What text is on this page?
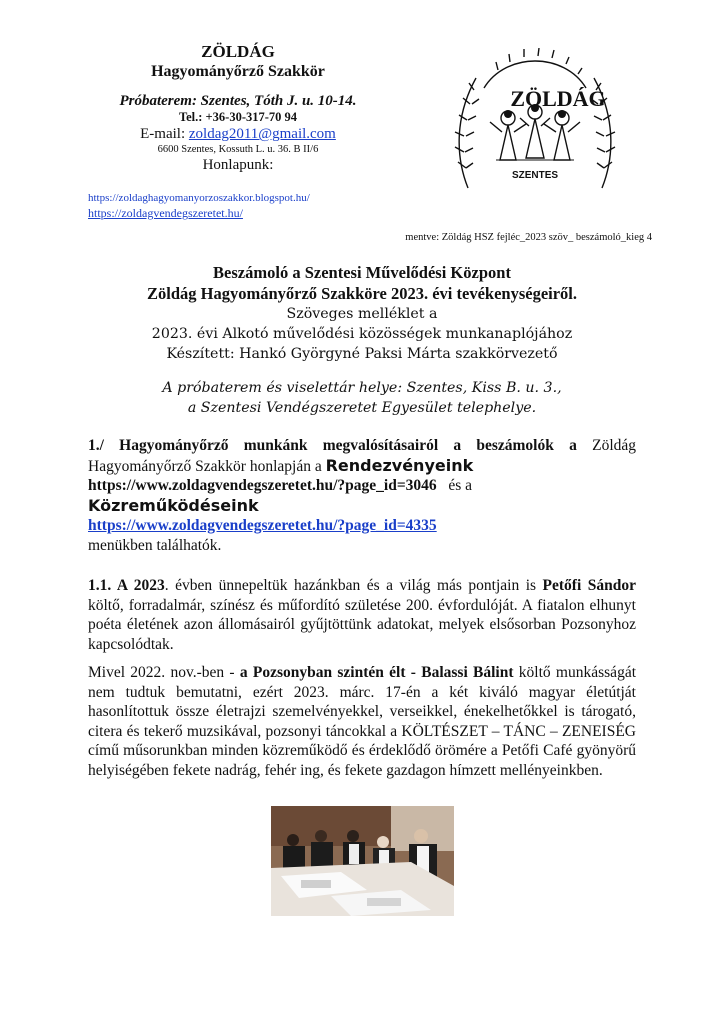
ZÖLDÁG
Hagyományőrző Szakkör
Próbaterem: Szentes, Tóth J. u. 10-14.
Tel.: +36-30-317-70 94
E-mail: zoldag2011@gmail.com
6600 Szentes, Kossuth L. u. 36. B II/6
Honlapunk:
https://zoldaghagyomanyorzoszakkor.blogspot.hu/
https://zoldagvendegszeretet.hu/
ZÖLDÁG
SZENTES
mentve: Zöldág HSZ fejléc_2023 szöv_ beszámoló_kieg 4
Beszámoló a Szentesi Művelődési Központ
Zöldág Hagyományőrző Szakköre 2023. évi tevékenységeiről.
Szöveges melléklet a
2023. évi Alkotó művelődési közösségek munkanaplójához
Készített: Hankó Györgyné Paksi Márta szakkörvezető
A próbaterem és viselettár helye: Szentes, Kiss B. u. 3.,
a Szentesi Vendégszeretet Egyesület telephelye.
1./ Hagyományőrző munkánk megvalósításairól a beszámolók a Zöldág Hagyományőrző Szakkör honlapján a Rendezvényeink
https://www.zoldagvendegszeretet.hu/?page_id=3046   és a
Közreműködéseink
https://www.zoldagvendegszeretet.hu/?page_id=4335
menükben találhatók.
1.1. A 2023. évben ünnepeltük hazánkban és a világ más pontjain is Petőfi Sándor költő, forradalmár, színész és műfordító születése 200. évfordulóját. A fiatalon elhunyt poéta életének azon állomásairól gyűjtöttünk adatokat, melyek elsősorban Pozsonyhoz kapcsolódtak.
Mivel 2022. nov.-ben - a Pozsonyban szintén élt - Balassi Bálint költő munkásságát nem tudtuk bemutatni, ezért 2023. márc. 17-én a két kiváló magyar életútját hasonlítottuk össze életrajzi szemelvényekkel, verseikkel, énekelhetőkkel is tárogató, citera és tekerő muzsikával, pozsonyi táncokkal a KÖLTÉSZET – TÁNC – ZENEISÉG című műsorunkban minden közreműködő és érdeklődő örömére a Petőfi Café gyönyörű helyiségében fekete nadrág, fehér ing, és fekete gazdagon hímzett mellényeinkben.
